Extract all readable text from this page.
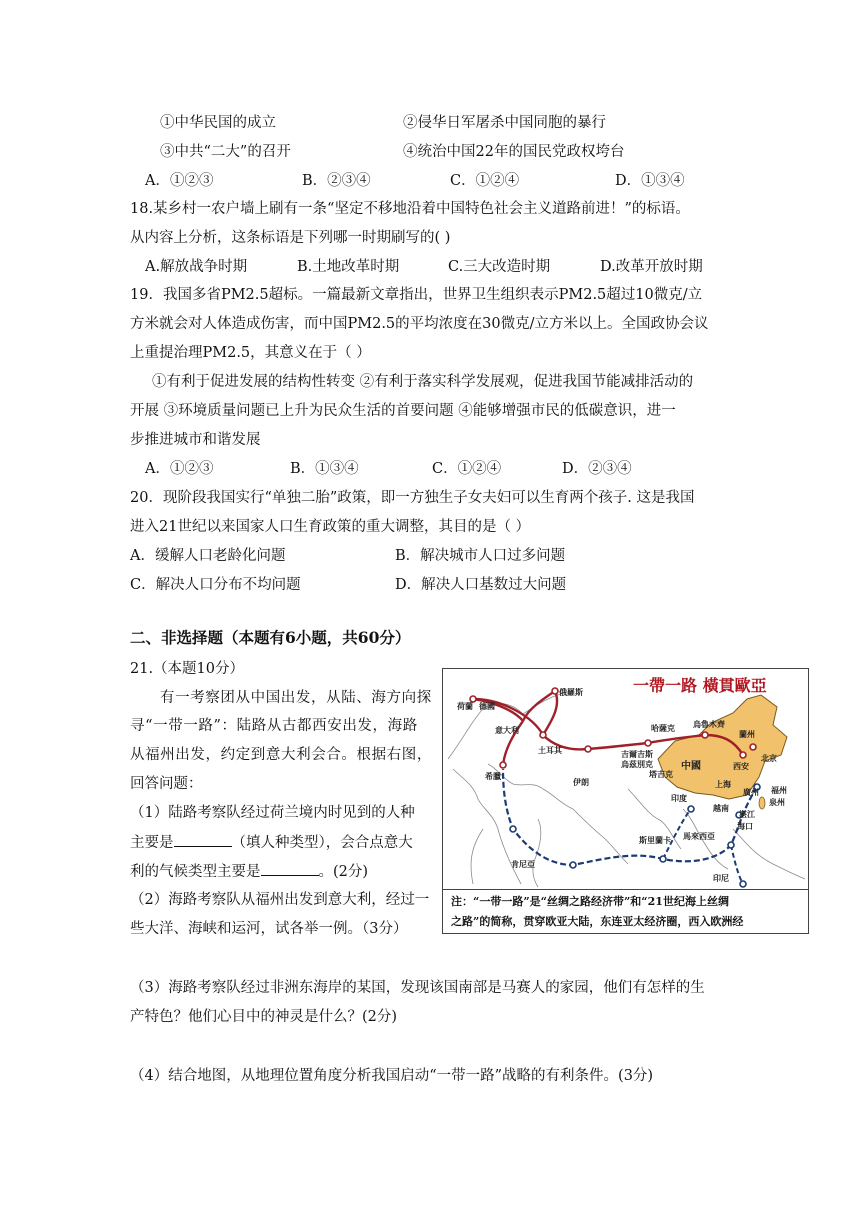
①中华民国的成立	②侵华日军屠杀中国同胞的暴行
③中共“二大”的召开	④统治中国22年的国民党政权垮台
A．①②③	B．②③④	C．①②④	D．①③④
18.某乡村一农户墙上刷有一条“坚定不移地沿着中国特色社会主义道路前进！”的标语。
从内容上分析，这条标语是下列哪一时期刷写的( )
A.解放战争时期	B.土地改革时期	C.三大改造时期	D.改革开放时期
19．我国多省PM2.5超标。一篇最新文章指出，世界卫生组织表示PM2.5超过10微克/立
方米就会对人体造成伤害，而中国PM2.5的平均浓度在30微克/立方米以上。全国政协会议
上重提治理PM2.5，其意义在于（ ）
①有利于促进发展的结构性转变 ②有利于落实科学发展观，促进我国节能减排活动的
开展 ③环境质量问题已上升为民众生活的首要问题 ④能够增强市民的低碳意识，进一
步推进城市和谐发展
A．①②③	B．①③④	C．①②④	D．②③④
20．现阶段我国实行“单独二胎”政策，即一方独生子女夫妇可以生育两个孩子. 这是我国
进入21世纪以来国家人口生育政策的重大调整，其目的是（ ）
A．缓解人口老龄化问题	B．解决城市人口过多问题
C．解决人口分布不均问题	D．解决人口基数过大问题
二、非选择题（本题有6小题，共60分）
21.（本题10分）
有一考察团从中国出发，从陆、海方向探
寻“一带一路”：陆路从古都西安出发，海路
从福州出发，约定到意大利会合。根据右图，
回答问题：
（1）陆路考察队经过荷兰境内时见到的人种
主要是	（填人种类型），会合点意大
利的气候类型主要是	。(2分)
（2）海路考察队从福州出发到意大利，经过一
些大洋、海峡和运河，试各举一例。（3分）
（3）海路考察队经过非洲东海岸的某国，发现该国南部是马赛人的家园，他们有怎样的生
产特色？他们心目中的神灵是什么？(2分)
（4）结合地图，从地理位置角度分析我国启动“一带一路”战略的有利条件。(3分)
一帶一路 橫貫歐亞
俄羅斯
荷蘭 德國
意大利
希臘
土耳其
伊朗
吉爾吉斯
烏茲別克
哈薩克
塔吉克
烏魯木齊
蘭州
北京
西安
中國
上海
廣州 福州
泉州
湛江
海口
印度
越南
斯里蘭卡 馬來西亞
肯尼亞
印尼
注：“一带一路”是“丝绸之路经济带”和“21世纪海上丝绸
之路”的简称，贯穿欧亚大陆，东连亚太经济圈，西入欧洲经
